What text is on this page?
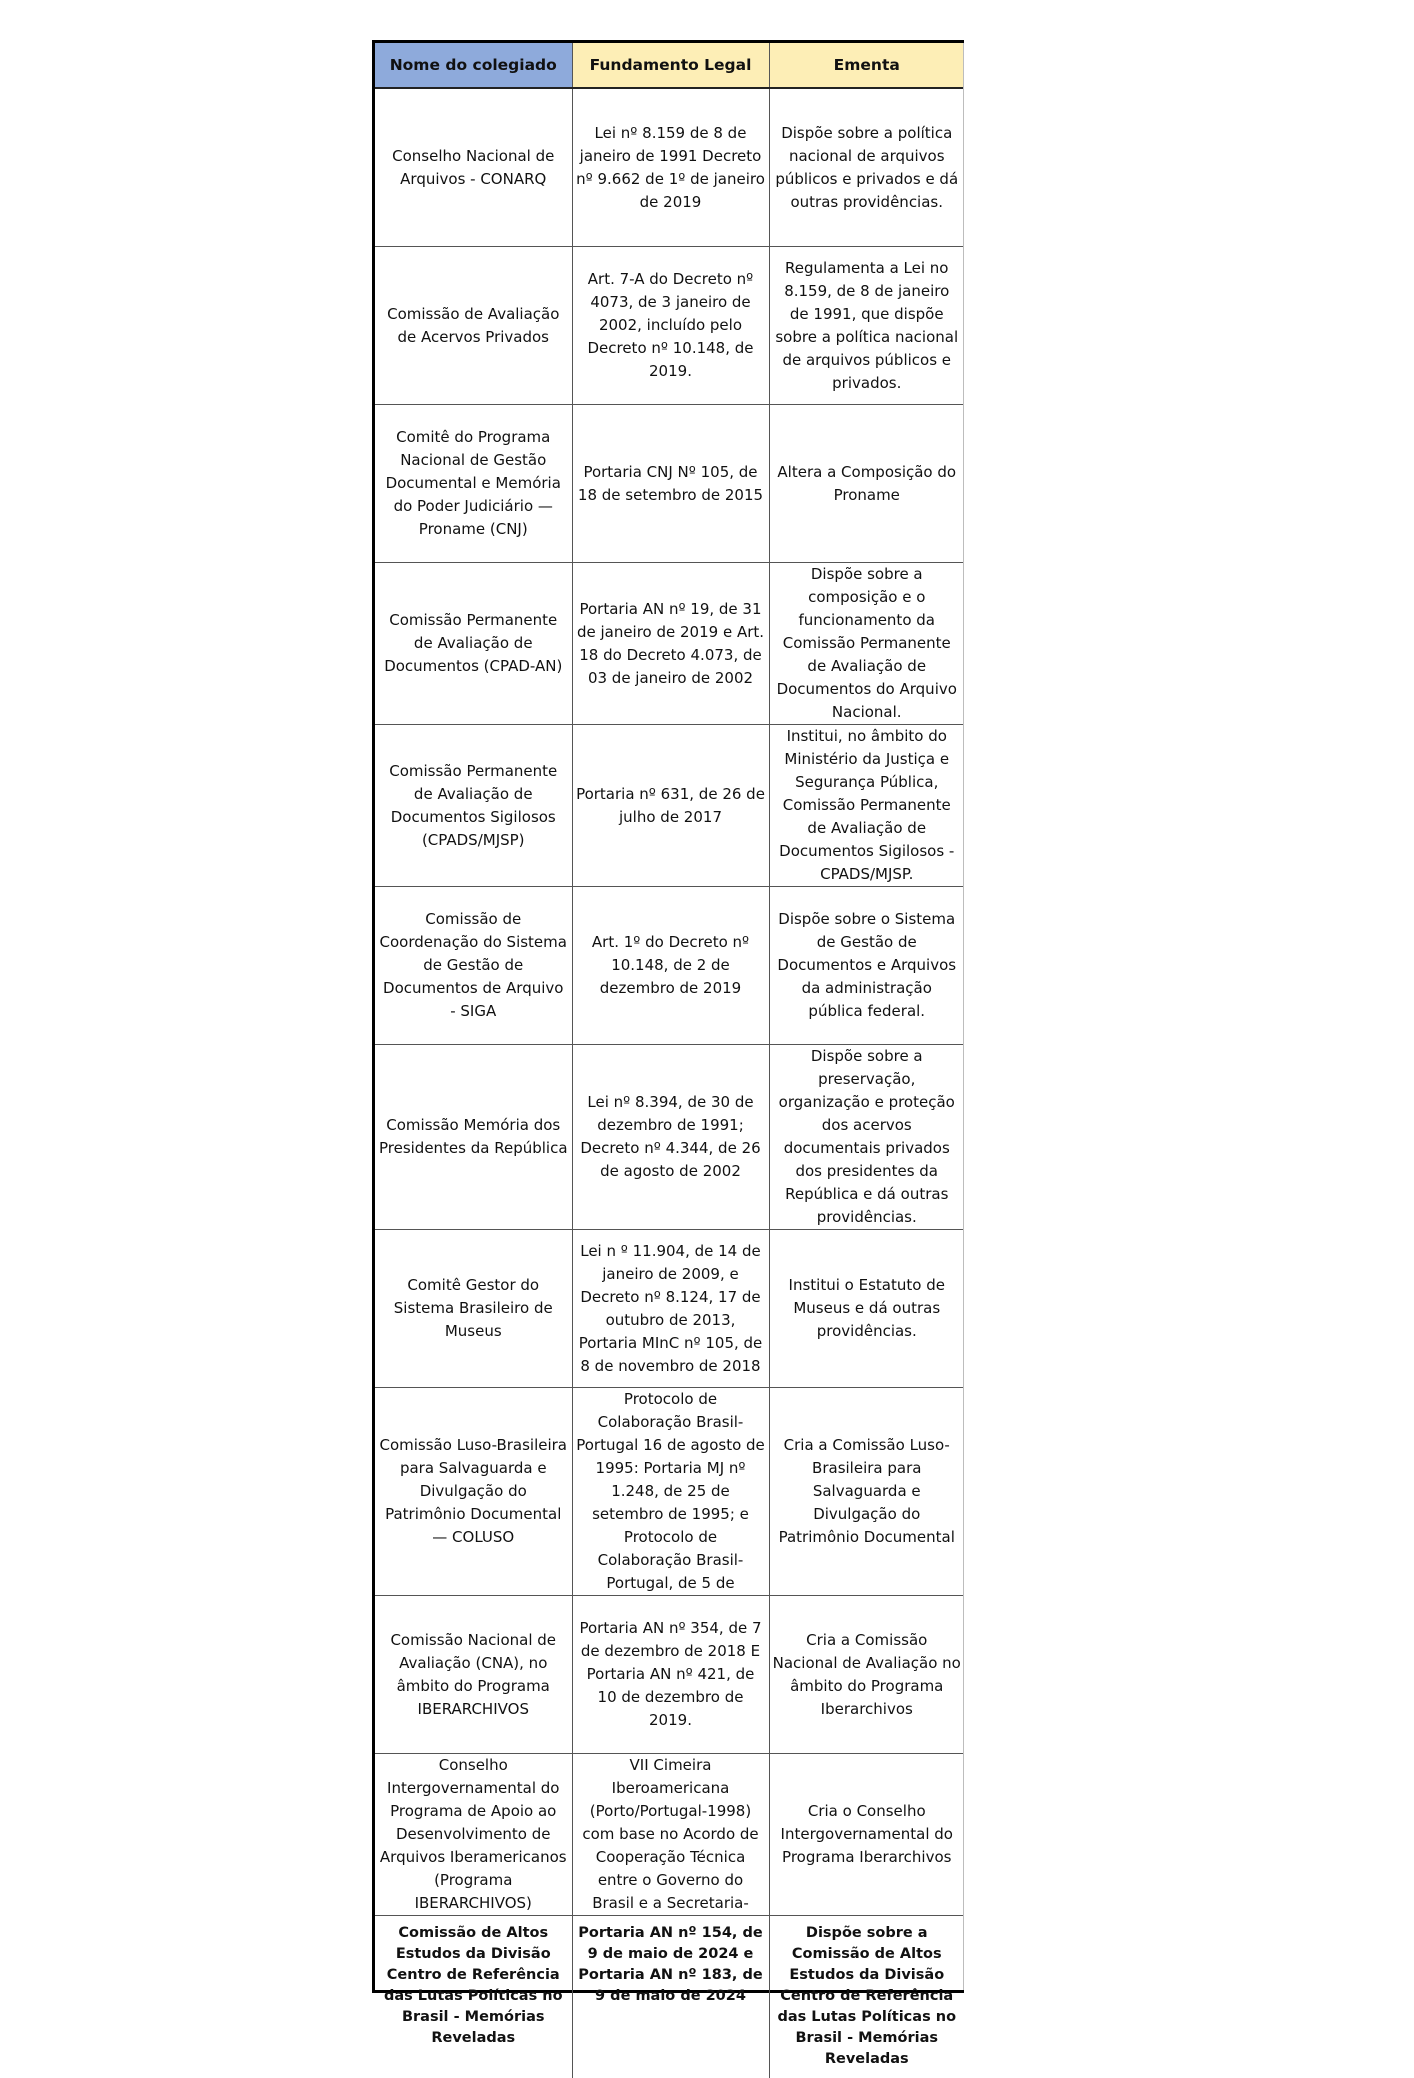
Nome do colegiado	Fundamento Legal	Ementa
Conselho Nacional de Arquivos - CONARQ	Lei nº 8.159 de 8 de janeiro de 1991 Decreto nº 9.662 de 1º de janeiro de 2019	Dispõe sobre a política nacional de arquivos públicos e privados e dá outras providências.
Comissão de Avaliação de Acervos Privados	Art. 7-A do Decreto nº 4073, de 3 janeiro de 2002, incluído pelo Decreto nº 10.148, de 2019.	Regulamenta a Lei no 8.159, de 8 de janeiro de 1991, que dispõe sobre a política nacional de arquivos públicos e privados.
Comitê do Programa Nacional de Gestão Documental e Memória do Poder Judiciário — Proname (CNJ)	Portaria CNJ Nº 105, de 18 de setembro de 2015	Altera a Composição do Proname
Comissão Permanente de Avaliação de Documentos (CPAD-AN)	Portaria AN nº 19, de 31 de janeiro de 2019 e Art. 18 do Decreto 4.073, de 03 de janeiro de 2002	Dispõe sobre a composição e o funcionamento da Comissão Permanente de Avaliação de Documentos do Arquivo Nacional.
Comissão Permanente de Avaliação de Documentos Sigilosos (CPADS/MJSP)	Portaria nº 631, de 26 de julho de 2017	Institui, no âmbito do Ministério da Justiça e Segurança Pública, Comissão Permanente de Avaliação de Documentos Sigilosos - CPADS/MJSP.
Comissão de Coordenação do Sistema de Gestão de Documentos de Arquivo - SIGA	Art. 1º do Decreto nº 10.148, de 2 de dezembro de 2019	Dispõe sobre o Sistema de Gestão de Documentos e Arquivos da administração pública federal.
Comissão Memória dos Presidentes da República	Lei nº 8.394, de 30 de dezembro de 1991; Decreto nº 4.344, de 26 de agosto de 2002	Dispõe sobre a preservação, organização e proteção dos acervos documentais privados dos presidentes da República e dá outras providências.
Comitê Gestor do Sistema Brasileiro de Museus	Lei n º 11.904, de 14 de janeiro de 2009, e Decreto nº 8.124, 17 de outubro de 2013, Portaria MInC nº 105, de 8 de novembro de 2018	Institui o Estatuto de Museus e dá outras providências.
Comissão Luso-Brasileira para Salvaguarda e Divulgação do Patrimônio Documental — COLUSO	Protocolo de Colaboração Brasil-Portugal 16 de agosto de 1995: Portaria MJ nº 1.248, de 25 de setembro de 1995; e Protocolo de Colaboração Brasil-Portugal, de 5 de	Cria a Comissão Luso-Brasileira para Salvaguarda e Divulgação do Patrimônio Documental
Comissão Nacional de Avaliação (CNA), no âmbito do Programa IBERARCHIVOS	Portaria AN nº 354, de 7 de dezembro de 2018 E Portaria AN nº 421, de 10 de dezembro de 2019.	Cria a Comissão Nacional de Avaliação no âmbito do Programa Iberarchivos
Conselho Intergovernamental do Programa de Apoio ao Desenvolvimento de Arquivos Iberamericanos (Programa IBERARCHIVOS)	VII Cimeira Iberoamericana (Porto/Portugal-1998) com base no Acordo de Cooperação Técnica entre o Governo do Brasil e a Secretaria-	Cria o Conselho Intergovernamental do Programa Iberarchivos
Comissão de Altos Estudos da Divisão Centro de Referência das Lutas Políticas no Brasil - Memórias Reveladas	Portaria AN nº 154, de 9 de maio de 2024 e Portaria AN nº 183, de 9 de maio de 2024	Dispõe sobre a Comissão de Altos Estudos da Divisão Centro de Referência das Lutas Políticas no Brasil - Memórias Reveladas
